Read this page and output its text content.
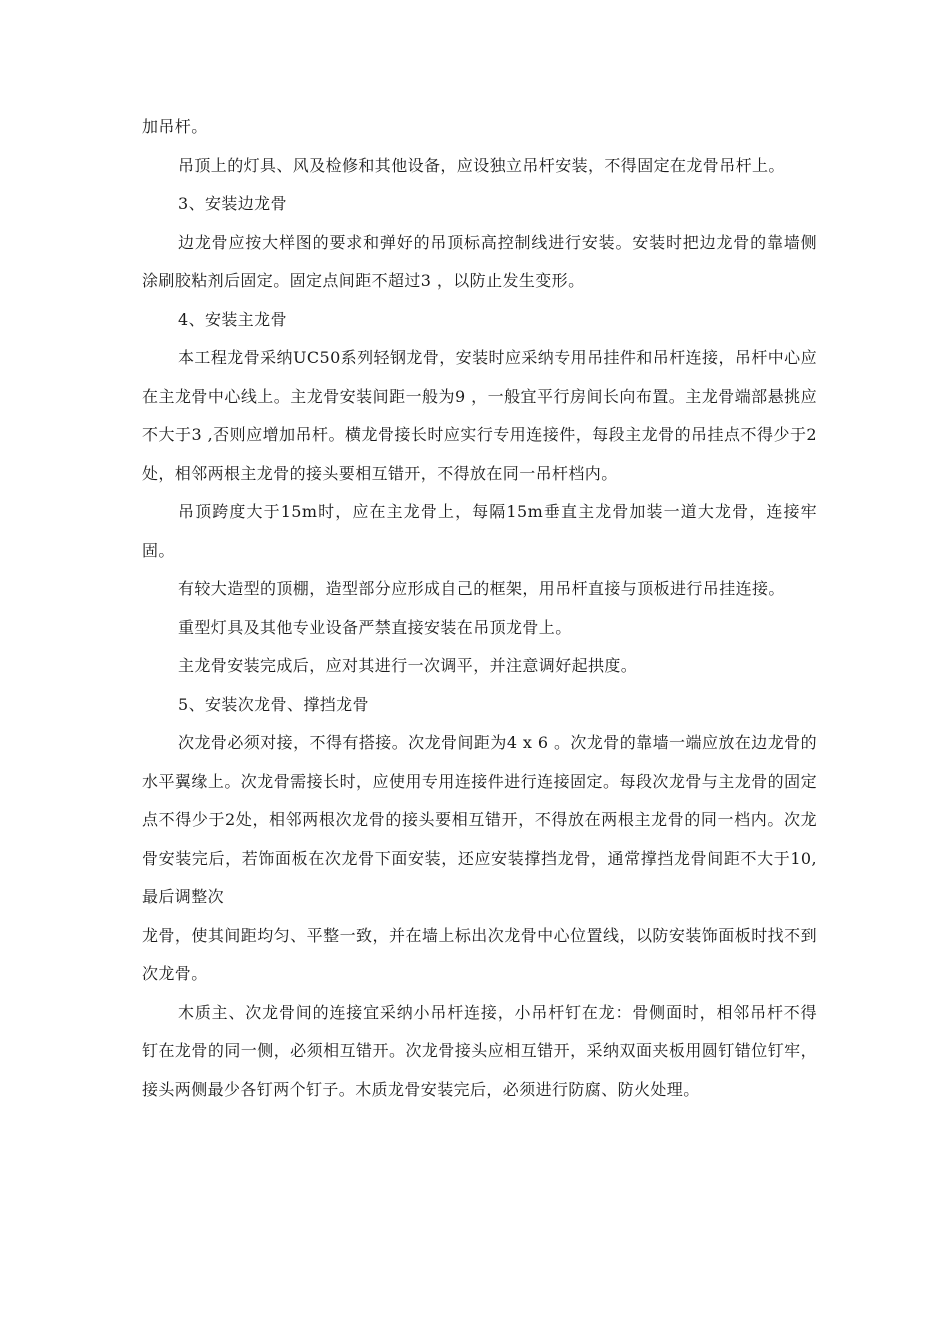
加吊杆。

吊顶上的灯具、风及检修和其他设备，应设独立吊杆安装，不得固定在龙骨吊杆上。

3、安装边龙骨

边龙骨应按大样图的要求和弹好的吊顶标高控制线进行安装。安装时把边龙骨的靠墙侧涂刷胶粘剂后固定。固定点间距不超过3 ，以防止发生变形。

4、安装主龙骨

本工程龙骨采纳UC50系列轻钢龙骨，安装时应采纳专用吊挂件和吊杆连接，吊杆中心应在主龙骨中心线上。主龙骨安装间距一般为9 ，一般宜平行房间长向布置。主龙骨端部悬挑应不大于3 ,否则应增加吊杆。横龙骨接长时应实行专用连接件，每段主龙骨的吊挂点不得少于2处，相邻两根主龙骨的接头要相互错开，不得放在同一吊杆档内。

吊顶跨度大于15m时，应在主龙骨上，每隔15m垂直主龙骨加装一道大龙骨，连接牢固。

有较大造型的顶棚，造型部分应形成自己的框架，用吊杆直接与顶板进行吊挂连接。

重型灯具及其他专业设备严禁直接安装在吊顶龙骨上。

主龙骨安装完成后，应对其进行一次调平，并注意调好起拱度。

5、安装次龙骨、撑挡龙骨

次龙骨必须对接，不得有搭接。次龙骨间距为4 x 6 。次龙骨的靠墙一端应放在边龙骨的水平翼缘上。次龙骨需接长时，应使用专用连接件进行连接固定。每段次龙骨与主龙骨的固定点不得少于2处，相邻两根次龙骨的接头要相互错开，不得放在两根主龙骨的同一档内。次龙骨安装完后，若饰面板在次龙骨下面安装，还应安装撑挡龙骨，通常撑挡龙骨间距不大于10,最后调整次

龙骨，使其间距均匀、平整一致，并在墙上标出次龙骨中心位置线，以防安装饰面板时找不到次龙骨。

木质主、次龙骨间的连接宜采纳小吊杆连接，小吊杆钉在龙：骨侧面时，相邻吊杆不得钉在龙骨的同一侧，必须相互错开。次龙骨接头应相互错开，采纳双面夹板用圆钉错位钉牢，接头两侧最少各钉两个钉子。木质龙骨安装完后，必须进行防腐、防火处理。
